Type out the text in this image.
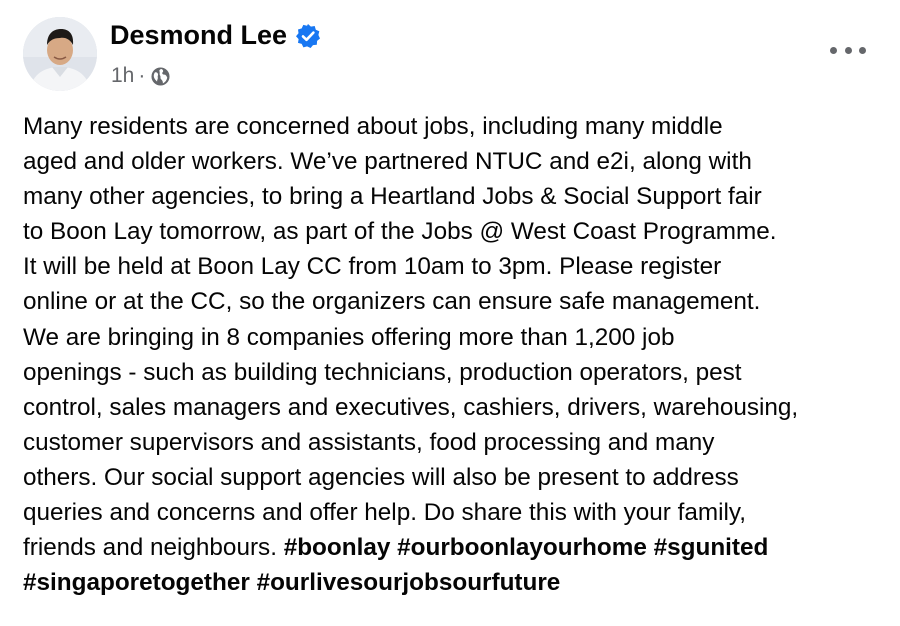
Desmond Lee
1h ·
Many residents are concerned about jobs, including many middle
aged and older workers. We’ve partnered NTUC and e2i, along with
many other agencies, to bring a Heartland Jobs & Social Support fair
to Boon Lay tomorrow, as part of the Jobs @ West Coast Programme.
It will be held at Boon Lay CC from 10am to 3pm. Please register
online or at the CC, so the organizers can ensure safe management.
We are bringing in 8 companies offering more than 1,200 job
openings - such as building technicians, production operators, pest
control, sales managers and executives, cashiers, drivers, warehousing,
customer supervisors and assistants, food processing and many
others. Our social support agencies will also be present to address
queries and concerns and offer help. Do share this with your family,
friends and neighbours. #boonlay #ourboonlayourhome #sgunited
#singaporetogether #ourlivesourjobsourfuture
